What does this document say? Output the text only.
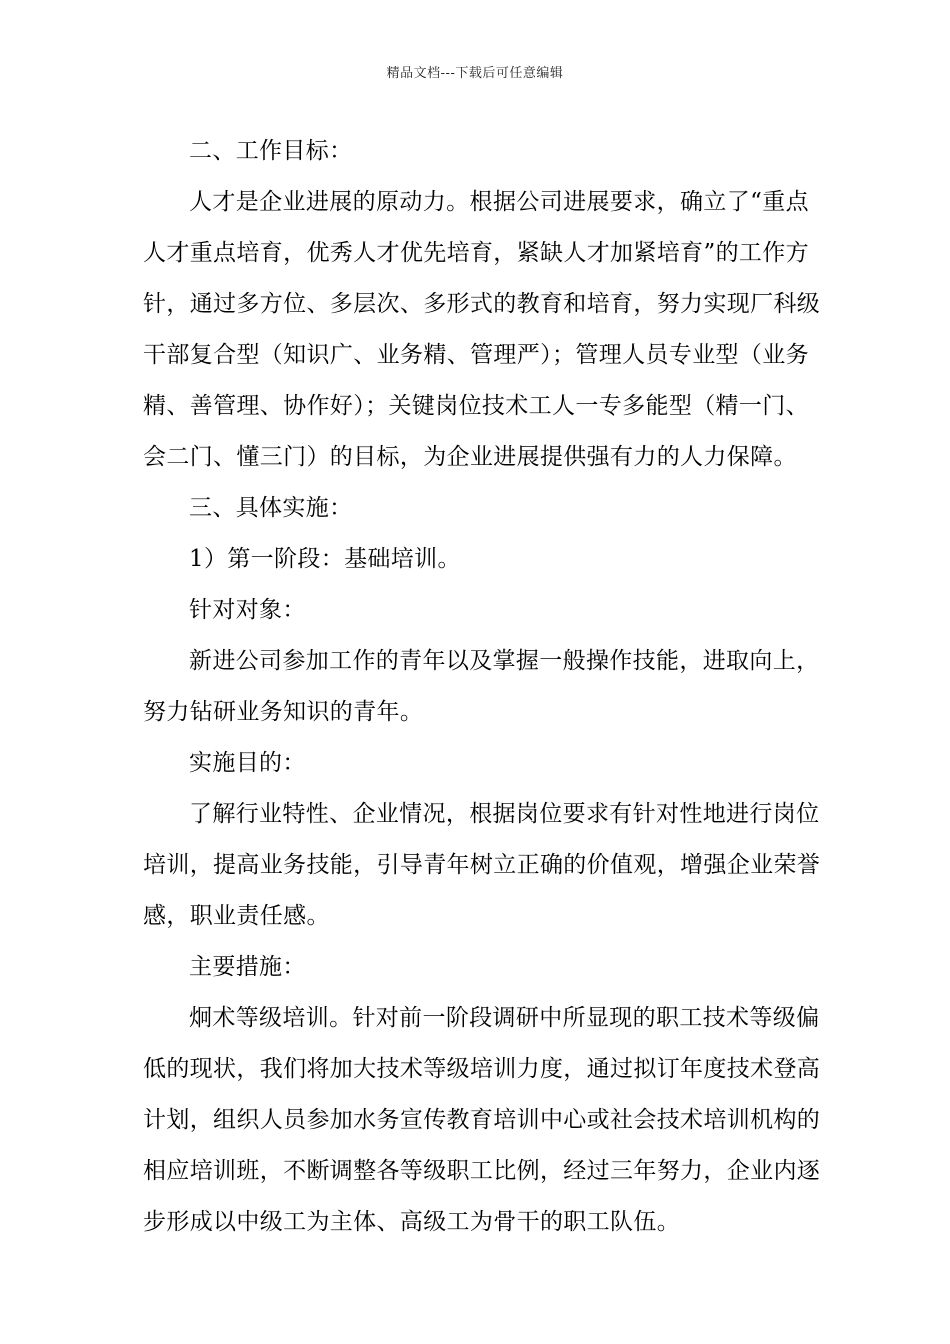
精品文档---下载后可任意编辑

二、工作目标：

人才是企业进展的原动力。根据公司进展要求，确立了“重点

人才重点培育，优秀人才优先培育，紧缺人才加紧培育”的工作方

针，通过多方位、多层次、多形式的教育和培育，努力实现厂科级

干部复合型（知识广、业务精、管理严）；管理人员专业型（业务

精、善管理、协作好）；关键岗位技术工人一专多能型（精一门、

会二门、懂三门）的目标，为企业进展提供强有力的人力保障。

三、具体实施：

1）第一阶段：基础培训。

针对对象：

新进公司参加工作的青年以及掌握一般操作技能，进取向上，

努力钻研业务知识的青年。

实施目的：

了解行业特性、企业情况，根据岗位要求有针对性地进行岗位

培训，提高业务技能，引导青年树立正确的价值观，增强企业荣誉

感，职业责任感。

主要措施：

炯术等级培训。针对前一阶段调研中所显现的职工技术等级偏

低的现状，我们将加大技术等级培训力度，通过拟订年度技术登高

计划，组织人员参加水务宣传教育培训中心或社会技术培训机构的

相应培训班，不断调整各等级职工比例，经过三年努力，企业内逐

步形成以中级工为主体、高级工为骨干的职工队伍。
